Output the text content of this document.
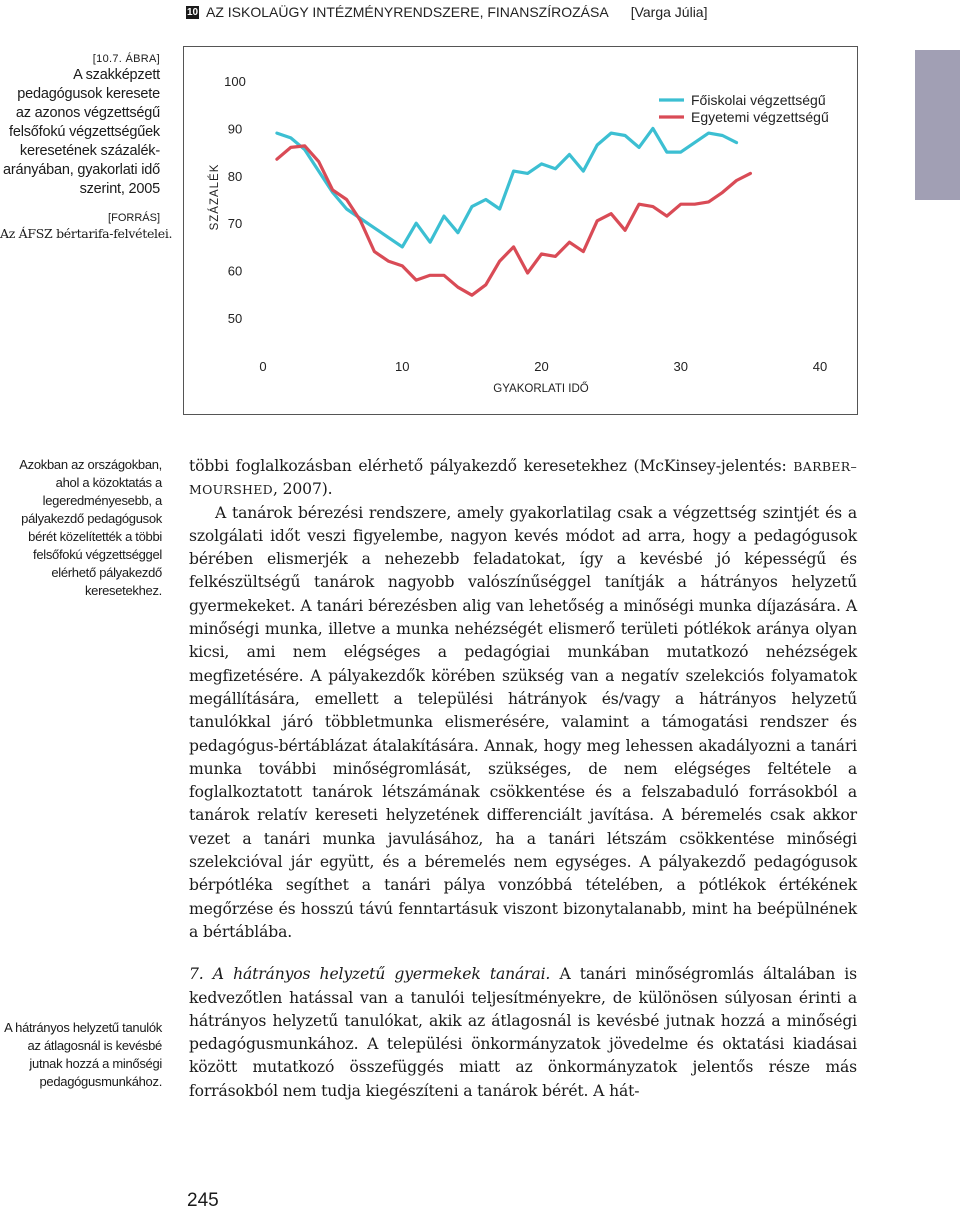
10 AZ ISKOLAÜGY INTÉZMÉNYRENDSZERE, FINANSZÍROZÁSA [Varga Júlia]
[10.7. ÁBRA]
A szakképzett pedagógusok keresete az azonos végzettségű felsőfokú végzettségűek keresetének százalék-arányában, gyakorlati idő szerint, 2005
[FORRÁS]
Az ÁFSZ bértarifa-felvételei.
100
90
80
70
60
50
0	10	20	30	40
GYAKORLATI IDŐ
SZÁZALÉK
Főiskolai végzettségű
Egyetemi végzettségű
Azokban az országokban, ahol a közoktatás a legeredményesebb, a pályakezdő pedagógusok bérét közelítették a többi felsőfokú végzettséggel elérhető pályakezdő keresetekhez.
A hátrányos helyzetű tanulók az átlagosnál is kevésbé jutnak hozzá a minőségi pedagógusmunkához.

többi foglalkozásban elérhető pályakezdő keresetekhez (McKinsey-jelentés: BARBER–MOURSHED, 2007).

A tanárok bérezési rendszere, amely gyakorlatilag csak a végzettség szintjét és a szolgálati időt veszi figyelembe, nagyon kevés módot ad arra, hogy a pedagógusok bérében elismerjék a nehezebb feladatokat, így a kevésbé jó képességű és felkészültségű tanárok nagyobb valószínűséggel tanítják a hátrányos helyzetű gyermekeket. A tanári bérezésben alig van lehetőség a minőségi munka díjazására. A minőségi munka, illetve a munka nehézségét elismerő területi pótlékok aránya olyan kicsi, ami nem elégséges a pedagógiai munkában mutatkozó nehézségek megfizetésére. A pályakezdők körében szükség van a negatív szelekciós folyamatok megállítására, emellett a települési hátrányok és/vagy a hátrányos helyzetű tanulókkal járó többletmunka elismerésére, valamint a támogatási rendszer és pedagógus-bértáblázat átalakítására. Annak, hogy meg lehessen akadályozni a tanári munka további minőségromlását, szükséges, de nem elégséges feltétele a foglalkoztatott tanárok létszámának csökkentése és a felszabaduló forrásokból a tanárok relatív kereseti helyzetének differenciált javítása. A béremelés csak akkor vezet a tanári munka javulásához, ha a tanári létszám csökkentése minőségi szelekcióval jár együtt, és a béremelés nem egységes. A pályakezdő pedagógusok bérpótléka segíthet a tanári pálya vonzóbbá tételében, a pótlékok értékének megőrzése és hosszú távú fenntartásuk viszont bizonytalanabb, mint ha beépülnének a bértáblába.

7. A hátrányos helyzetű gyermekek tanárai. A tanári minőségromlás általában is kedvezőtlen hatással van a tanulói teljesítményekre, de különösen súlyosan érinti a hátrányos helyzetű tanulókat, akik az átlagosnál is kevésbé jutnak hozzá a minőségi pedagógusmunkához. A települési önkormányzatok jövedelme és oktatási kiadásai között mutatkozó összefüggés miatt az önkormányzatok jelentős része más forrásokból nem tudja kiegészíteni a tanárok bérét. A hát-

245
